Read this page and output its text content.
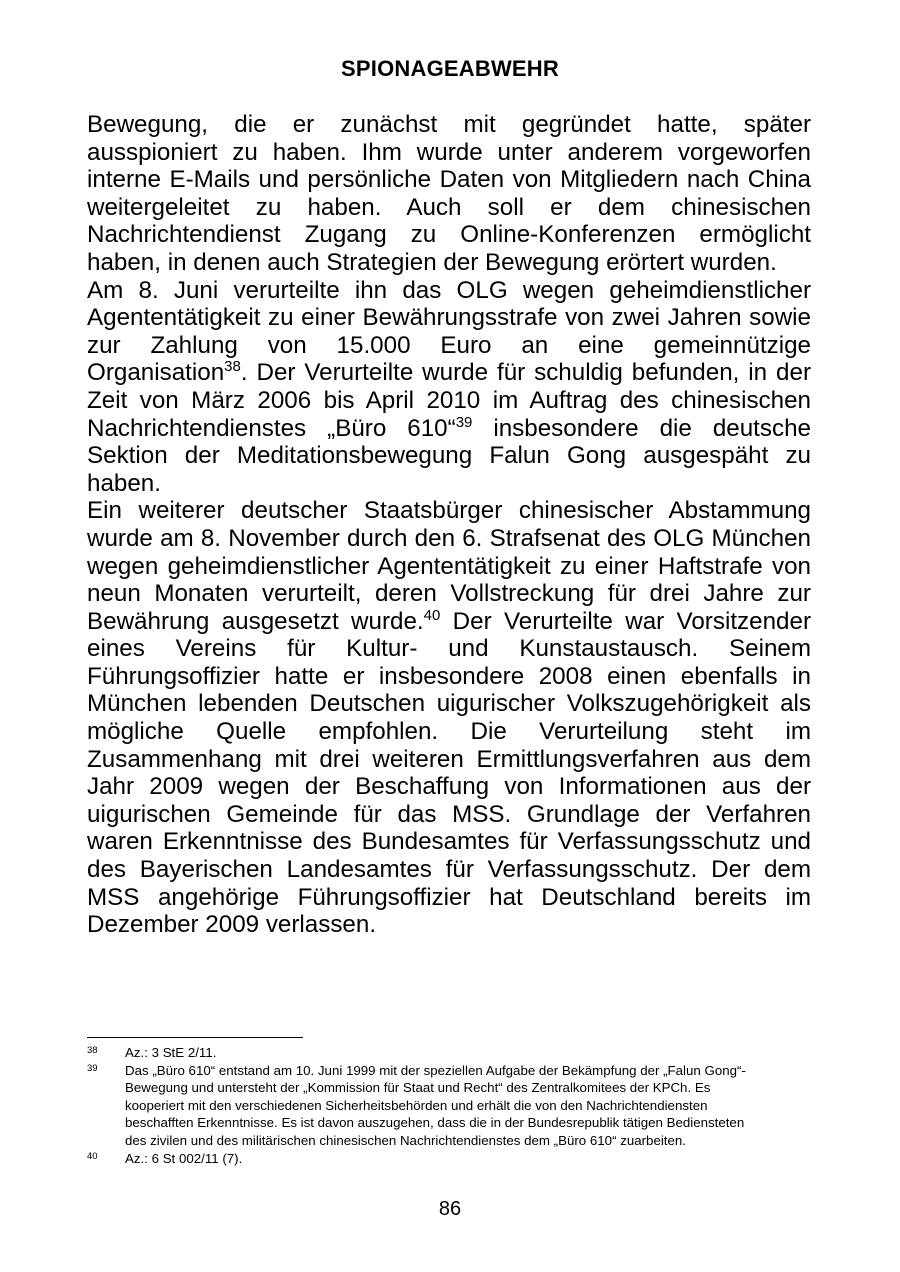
SPIONAGEABWEHR

Bewegung, die er zunächst mit gegründet hatte, später ausspioniert zu haben. Ihm wurde unter anderem vorgeworfen interne E-Mails und persönliche Daten von Mitgliedern nach China weitergeleitet zu haben. Auch soll er dem chinesischen Nachrichtendienst Zugang zu Online-Konferenzen ermöglicht haben, in denen auch Strategien der Bewegung erörtert wurden.

Am 8. Juni verurteilte ihn das OLG wegen geheimdienstlicher Agententätigkeit zu einer Bewährungsstrafe von zwei Jahren sowie zur Zahlung von 15.000 Euro an eine gemeinnützige Organisation$^{38}$. Der Verurteilte wurde für schuldig befunden, in der Zeit von März 2006 bis April 2010 im Auftrag des chinesischen Nachrichtendienstes „Büro 610“$^{39}$ insbesondere die deutsche Sektion der Meditationsbewegung Falun Gong ausgespäht zu haben.

Ein weiterer deutscher Staatsbürger chinesischer Abstammung wurde am 8. November durch den 6. Strafsenat des OLG München wegen geheimdienstlicher Agententätigkeit zu einer Haftstrafe von neun Monaten verurteilt, deren Vollstreckung für drei Jahre zur Bewährung ausgesetzt wurde.$^{40}$ Der Verurteilte war Vorsitzender eines Vereins für Kultur- und Kunstaustausch. Seinem Führungsoffizier hatte er insbesondere 2008 einen ebenfalls in München lebenden Deutschen uigurischer Volkszugehörigkeit als mögliche Quelle empfohlen. Die Verurteilung steht im Zusammenhang mit drei weiteren Ermittlungsverfahren aus dem Jahr 2009 wegen der Beschaffung von Informationen aus der uigurischen Gemeinde für das MSS. Grundlage der Verfahren waren Erkenntnisse des Bundesamtes für Verfassungsschutz und des Bayerischen Landesamtes für Verfassungsschutz. Der dem MSS angehörige Führungsoffizier hat Deutschland bereits im Dezember 2009 verlassen.

38	Az.: 3 StE 2/11.
39	Das „Büro 610“ entstand am 10. Juni 1999 mit der speziellen Aufgabe der Bekämpfung der „Falun Gong“-Bewegung und untersteht der „Kommission für Staat und Recht“ des Zentralkomitees der KPCh. Es kooperiert mit den verschiedenen Sicherheitsbehörden und erhält die von den Nachrichtendiensten beschafften Erkenntnisse. Es ist davon auszugehen, dass die in der Bundesrepublik tätigen Bediensteten des zivilen und des militärischen chinesischen Nachrichtendienstes dem „Büro 610“ zuarbeiten.
40	Az.: 6 St 002/11 (7).
86
